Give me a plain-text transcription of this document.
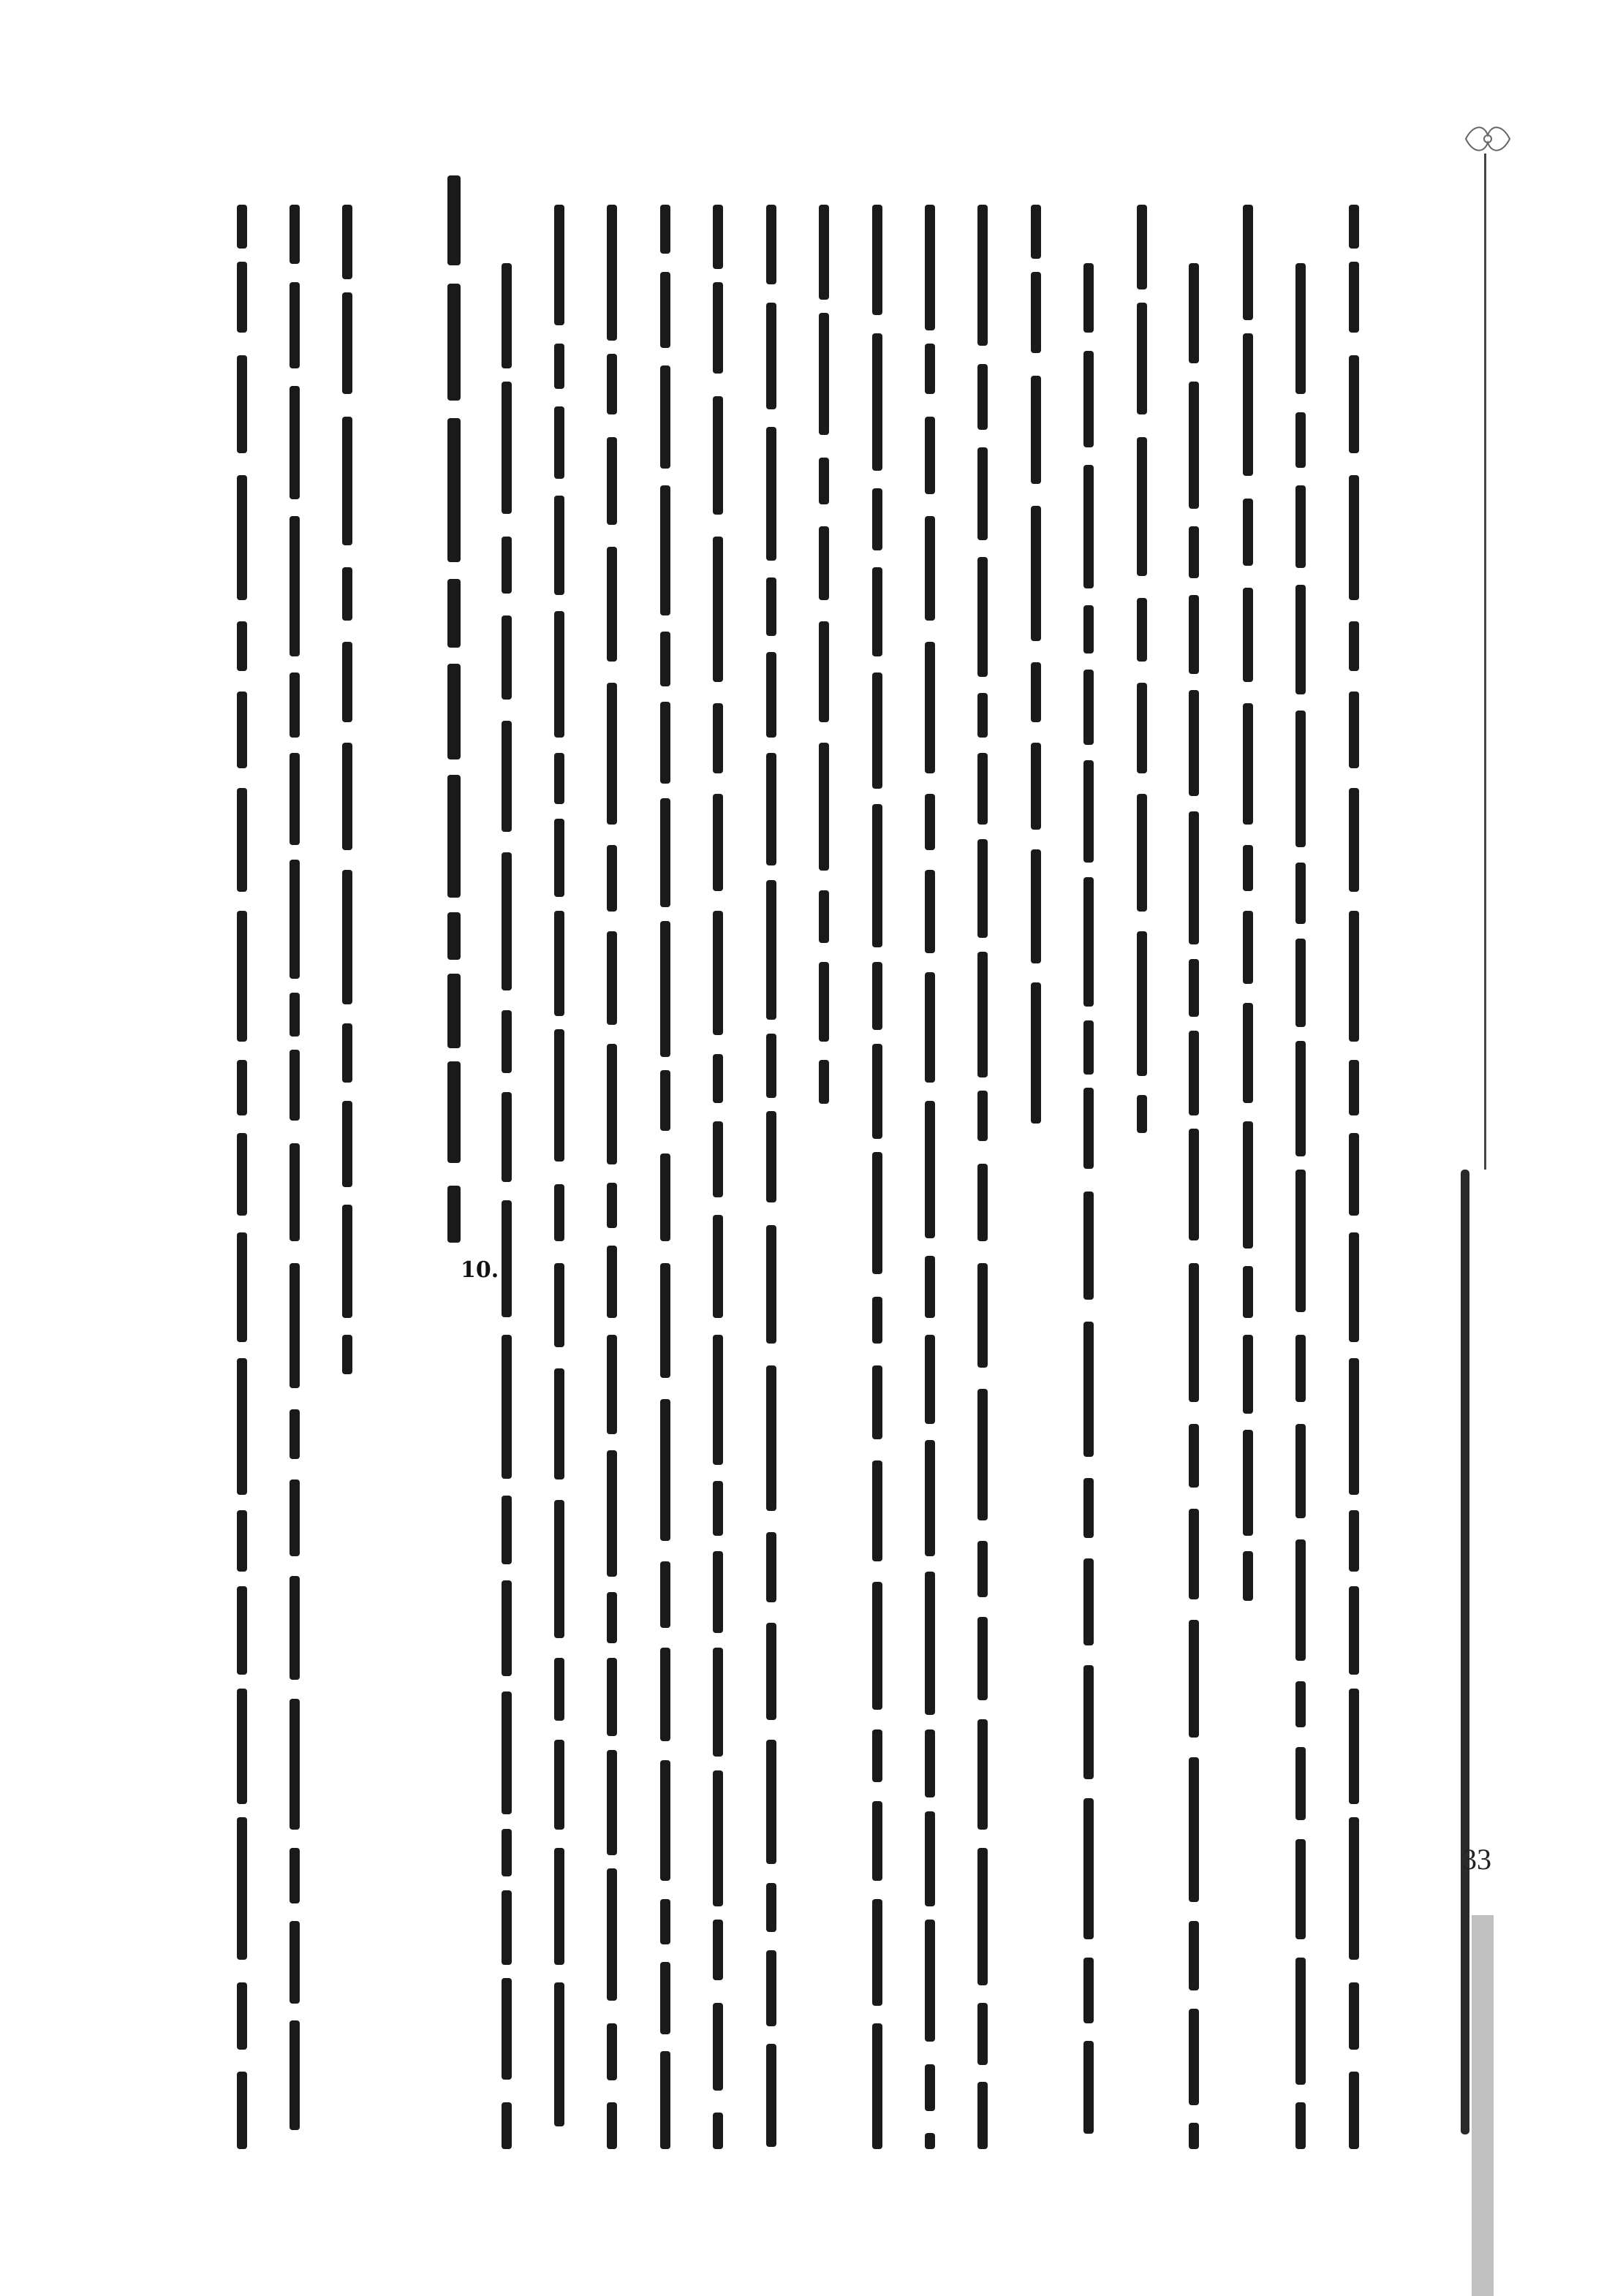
10.
33
